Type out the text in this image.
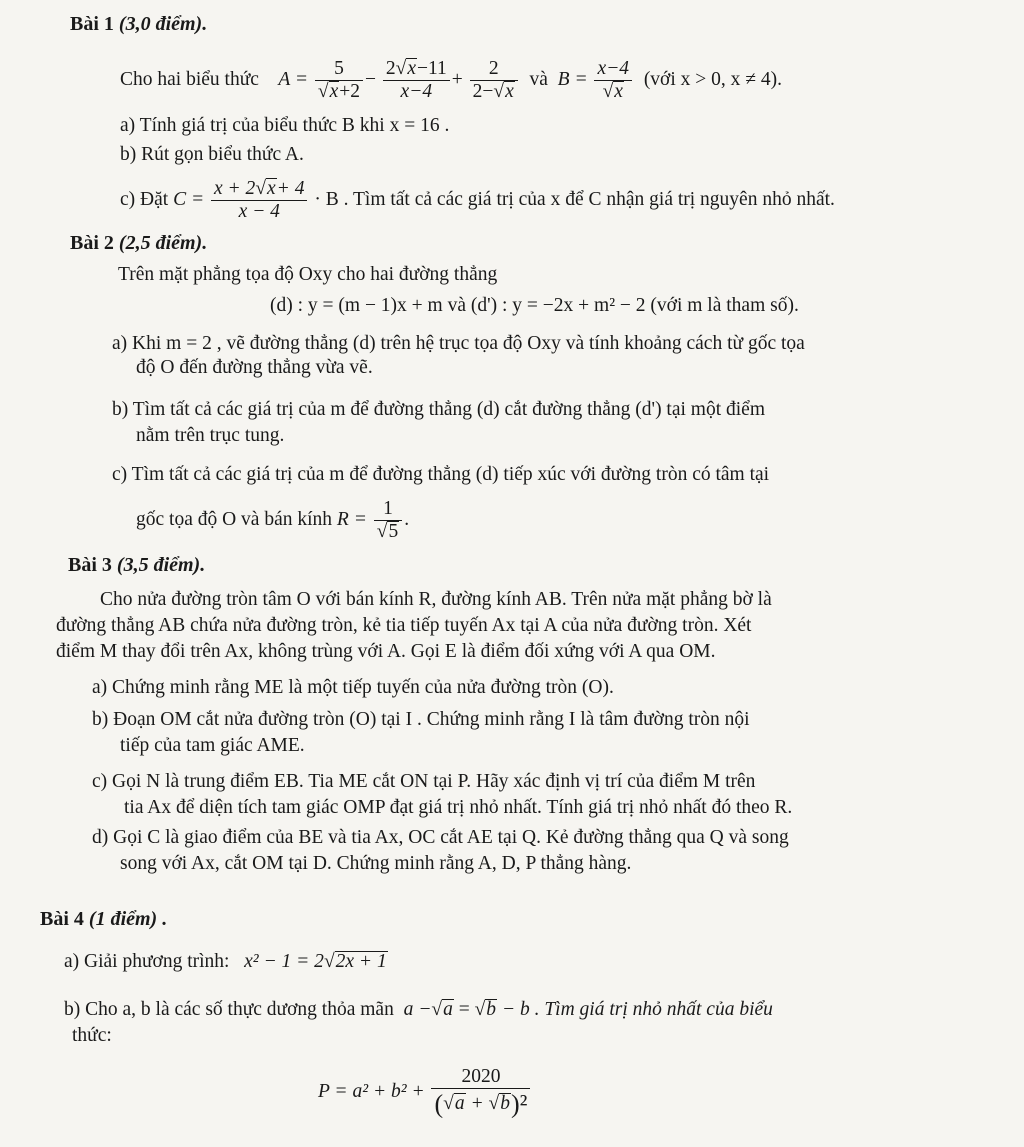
Bài 1 (3,0 điểm).
Cho hai biểu thức $A = \frac{5}{√x+2} - \frac{2√x-11}{x-4} + \frac{2}{2-√x}$ và $B = \frac{x-4}{√x}$ (với x > 0, x ≠ 4).
a) Tính giá trị của biểu thức B khi x = 16 .
b) Rút gọn biểu thức A.
c) Đặt $C = \frac{x + 2√x+ 4}{x - 4} \cdot B$ . Tìm tất cả các giá trị của x để C nhận giá trị nguyên nhỏ nhất.
Bài 2 (2,5 điểm).
Trên mặt phẳng tọa độ Oxy cho hai đường thẳng
(d) : y = (m − 1)x + m và (d') : y = −2x + m² − 2 (với m là tham số).
a) Khi m = 2 , vẽ đường thẳng (d) trên hệ trục tọa độ Oxy và tính khoảng cách từ gốc tọa
độ O đến đường thẳng vừa vẽ.
b) Tìm tất cả các giá trị của m để đường thẳng (d) cắt đường thẳng (d') tại một điểm
nằm trên trục tung.
c) Tìm tất cả các giá trị của m để đường thẳng (d) tiếp xúc với đường tròn có tâm tại
gốc tọa độ O và bán kính $R = \frac{1}{√5}$ .
Bài 3 (3,5 điểm).
Cho nửa đường tròn tâm O với bán kính R, đường kính AB. Trên nửa mặt phẳng bờ là
đường thẳng AB chứa nửa đường tròn, kẻ tia tiếp tuyến Ax tại A của nửa đường tròn. Xét
điểm M thay đổi trên Ax, không trùng với A. Gọi E là điểm đối xứng với A qua OM.
a) Chứng minh rằng ME là một tiếp tuyến của nửa đường tròn (O).
b) Đoạn OM cắt nửa đường tròn (O) tại I . Chứng minh rằng I là tâm đường tròn nội
tiếp của tam giác AME.
c) Gọi N là trung điểm EB. Tia ME cắt ON tại P. Hãy xác định vị trí của điểm M trên
tia Ax để diện tích tam giác OMP đạt giá trị nhỏ nhất. Tính giá trị nhỏ nhất đó theo R.
d) Gọi C là giao điểm của BE và tia Ax, OC cắt AE tại Q. Kẻ đường thẳng qua Q và song
song với Ax, cắt OM tại D. Chứng minh rằng A, D, P thẳng hàng.
Bài 4 (1 điểm) .
a) Giải phương trình: x² − 1 = 2√2x + 1
b) Cho a, b là các số thực dương thỏa mãn a −√a = √b − b . Tìm giá trị nhỏ nhất của biểu
thức:
$P = a^2 + b^2 + \frac{2020}{\text{(√a + √b)²}}$
